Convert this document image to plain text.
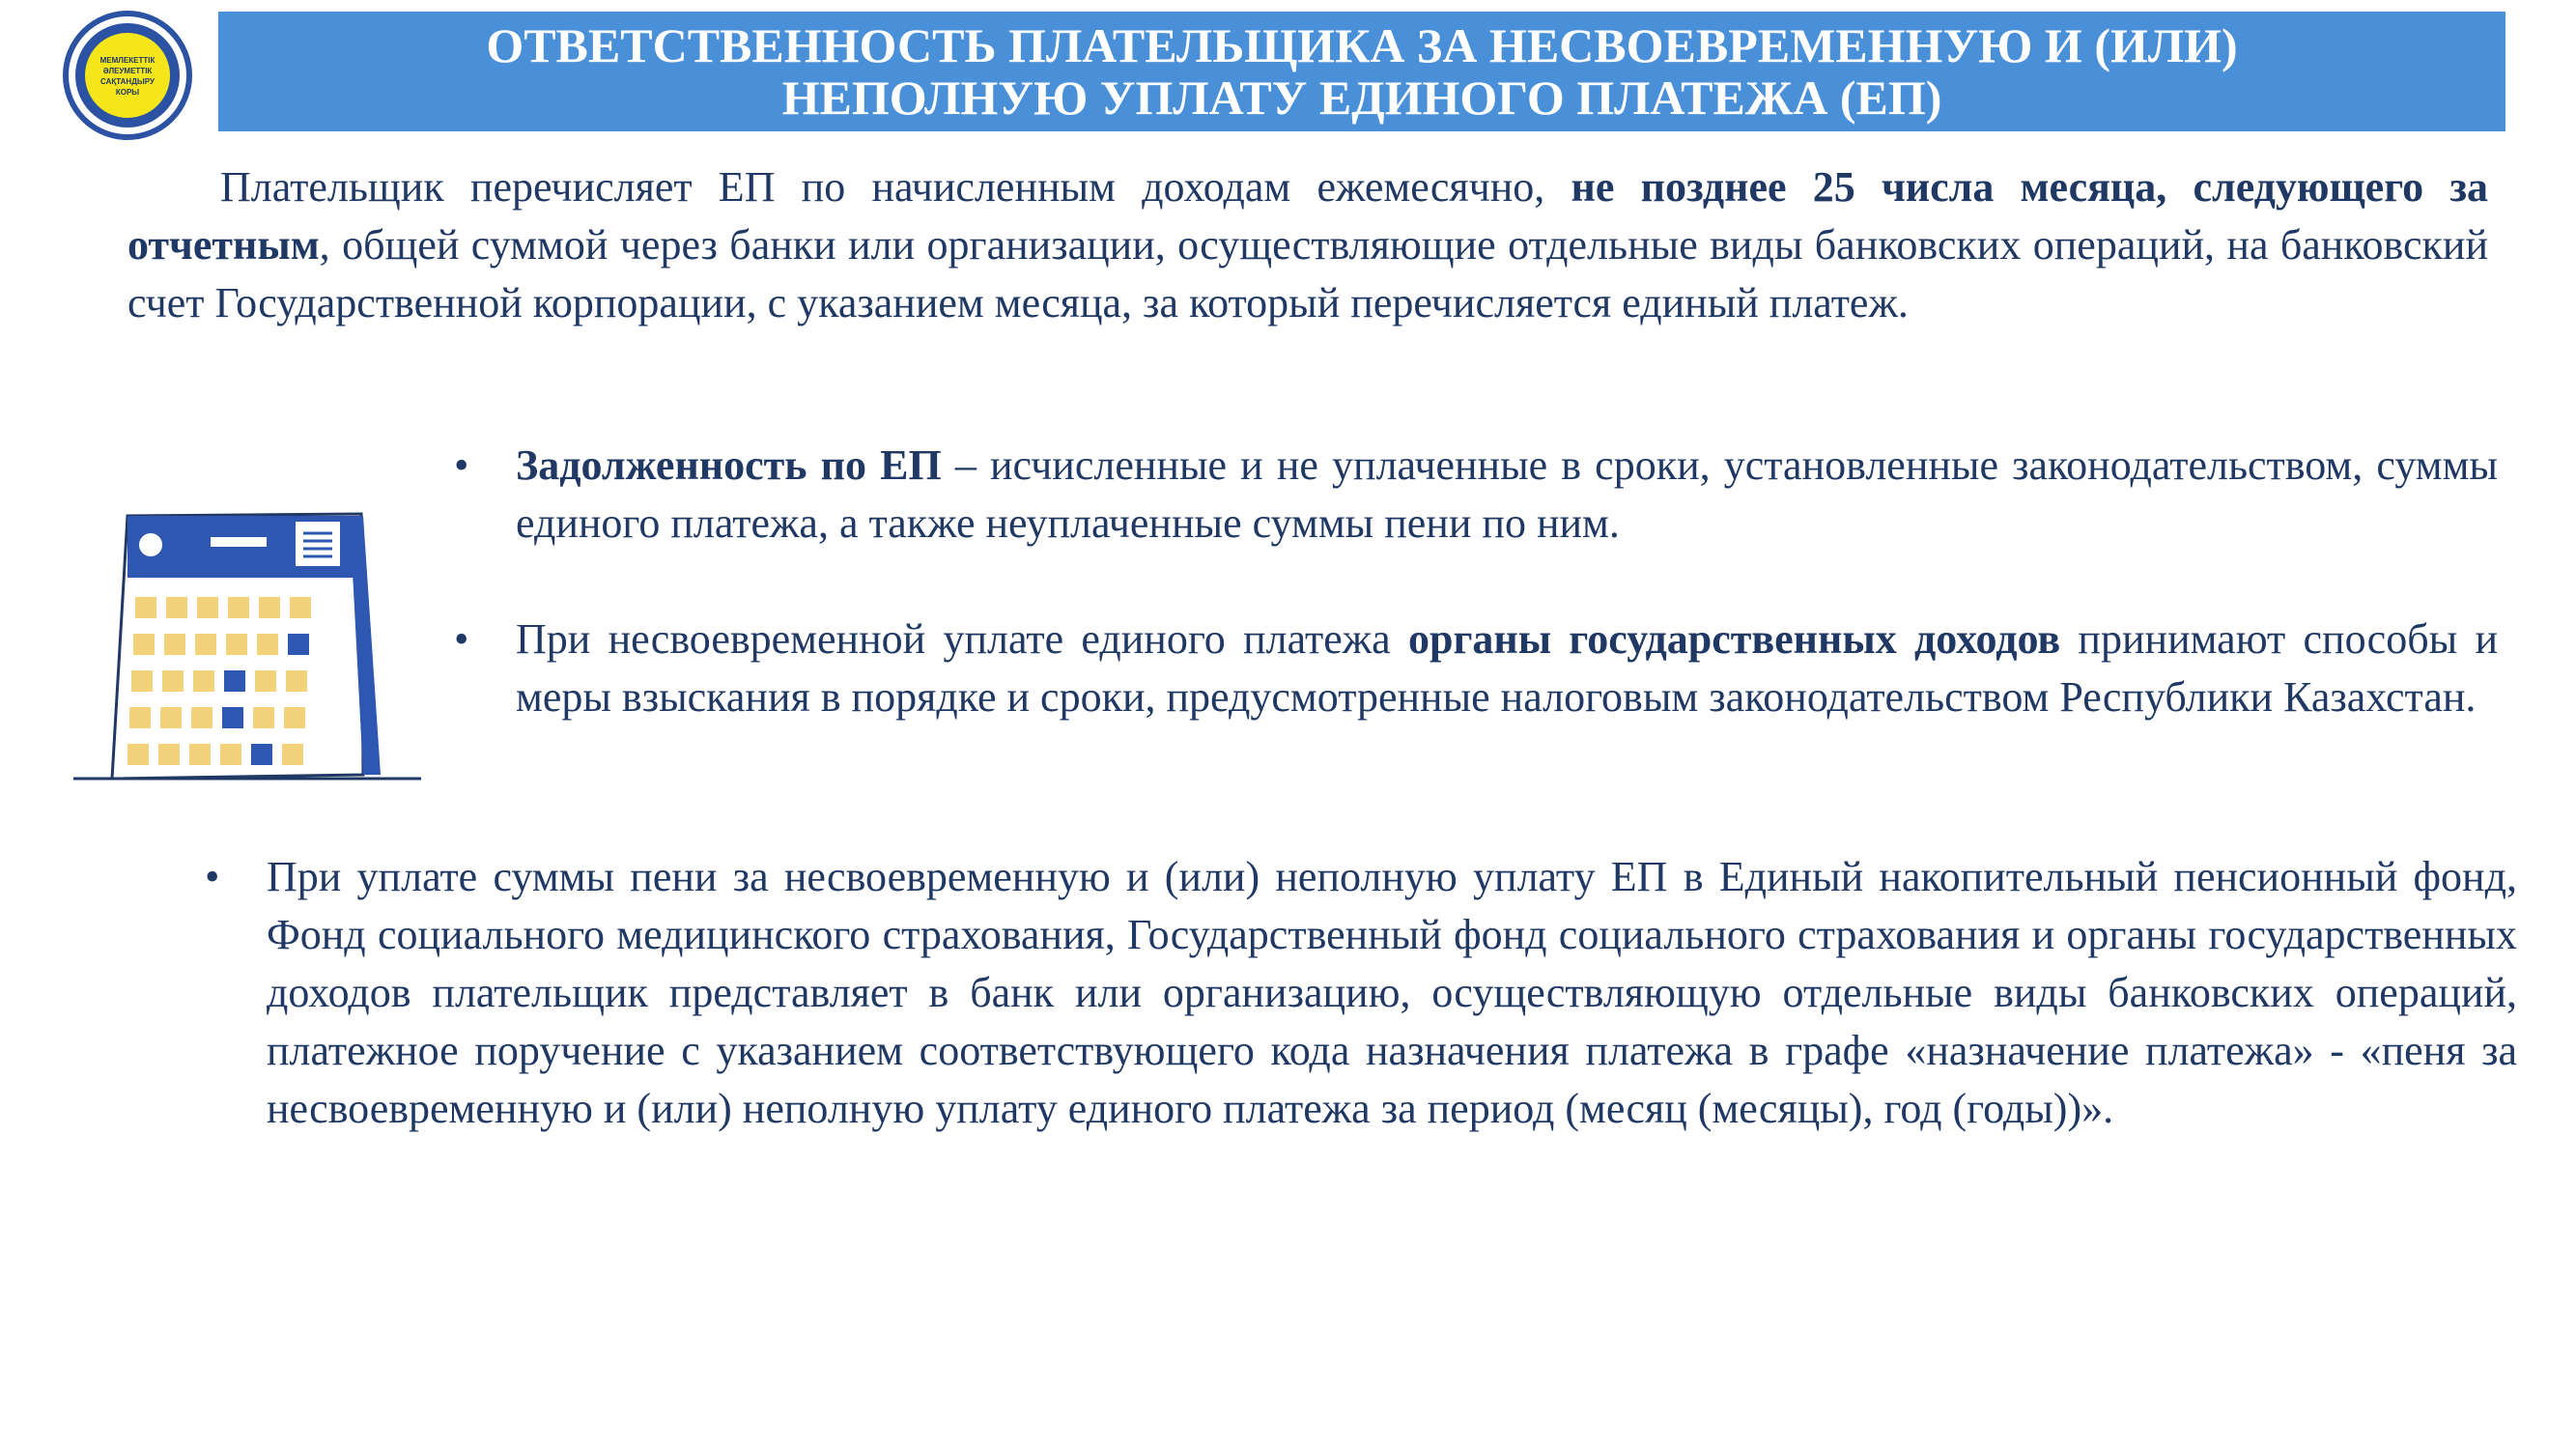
МЕМЛЕКЕТТІК
ӘЛЕУМЕТТІК
САҚТАНДЫРУ
КОРЫ
ОТВЕТСТВЕННОСТЬ ПЛАТЕЛЬЩИКА ЗА НЕСВОЕВРЕМЕННУЮ И (ИЛИ)
НЕПОЛНУЮ УПЛАТУ ЕДИНОГО ПЛАТЕЖА (ЕП)

Плательщик перечисляет ЕП по начисленным доходам ежемесячно, не позднее 25 числа месяца, следующего за отчетным, общей суммой через банки или организации, осуществляющие отдельные виды банковских операций, на банковский счет Государственной корпорации, с указанием месяца, за который перечисляется единый платеж.

• Задолженность по ЕП – исчисленные и не уплаченные в сроки, установленные законодательством, суммы единого платежа, а также неуплаченные суммы пени по ним.

• При несвоевременной уплате единого платежа органы государственных доходов принимают способы и меры взыскания в порядке и сроки, предусмотренные налоговым законодательством Республики Казахстан.

• При уплате суммы пени за несвоевременную и (или) неполную уплату ЕП в Единый накопительный пенсионный фонд, Фонд социального медицинского страхования, Государственный фонд социального страхования и органы государственных доходов плательщик представляет в банк или организацию, осуществляющую отдельные виды банковских операций, платежное поручение с указанием соответствующего кода назначения платежа в графе «назначение платежа» - «пеня за несвоевременную и (или) неполную уплату единого платежа за период (месяц (месяцы), год (годы))».
